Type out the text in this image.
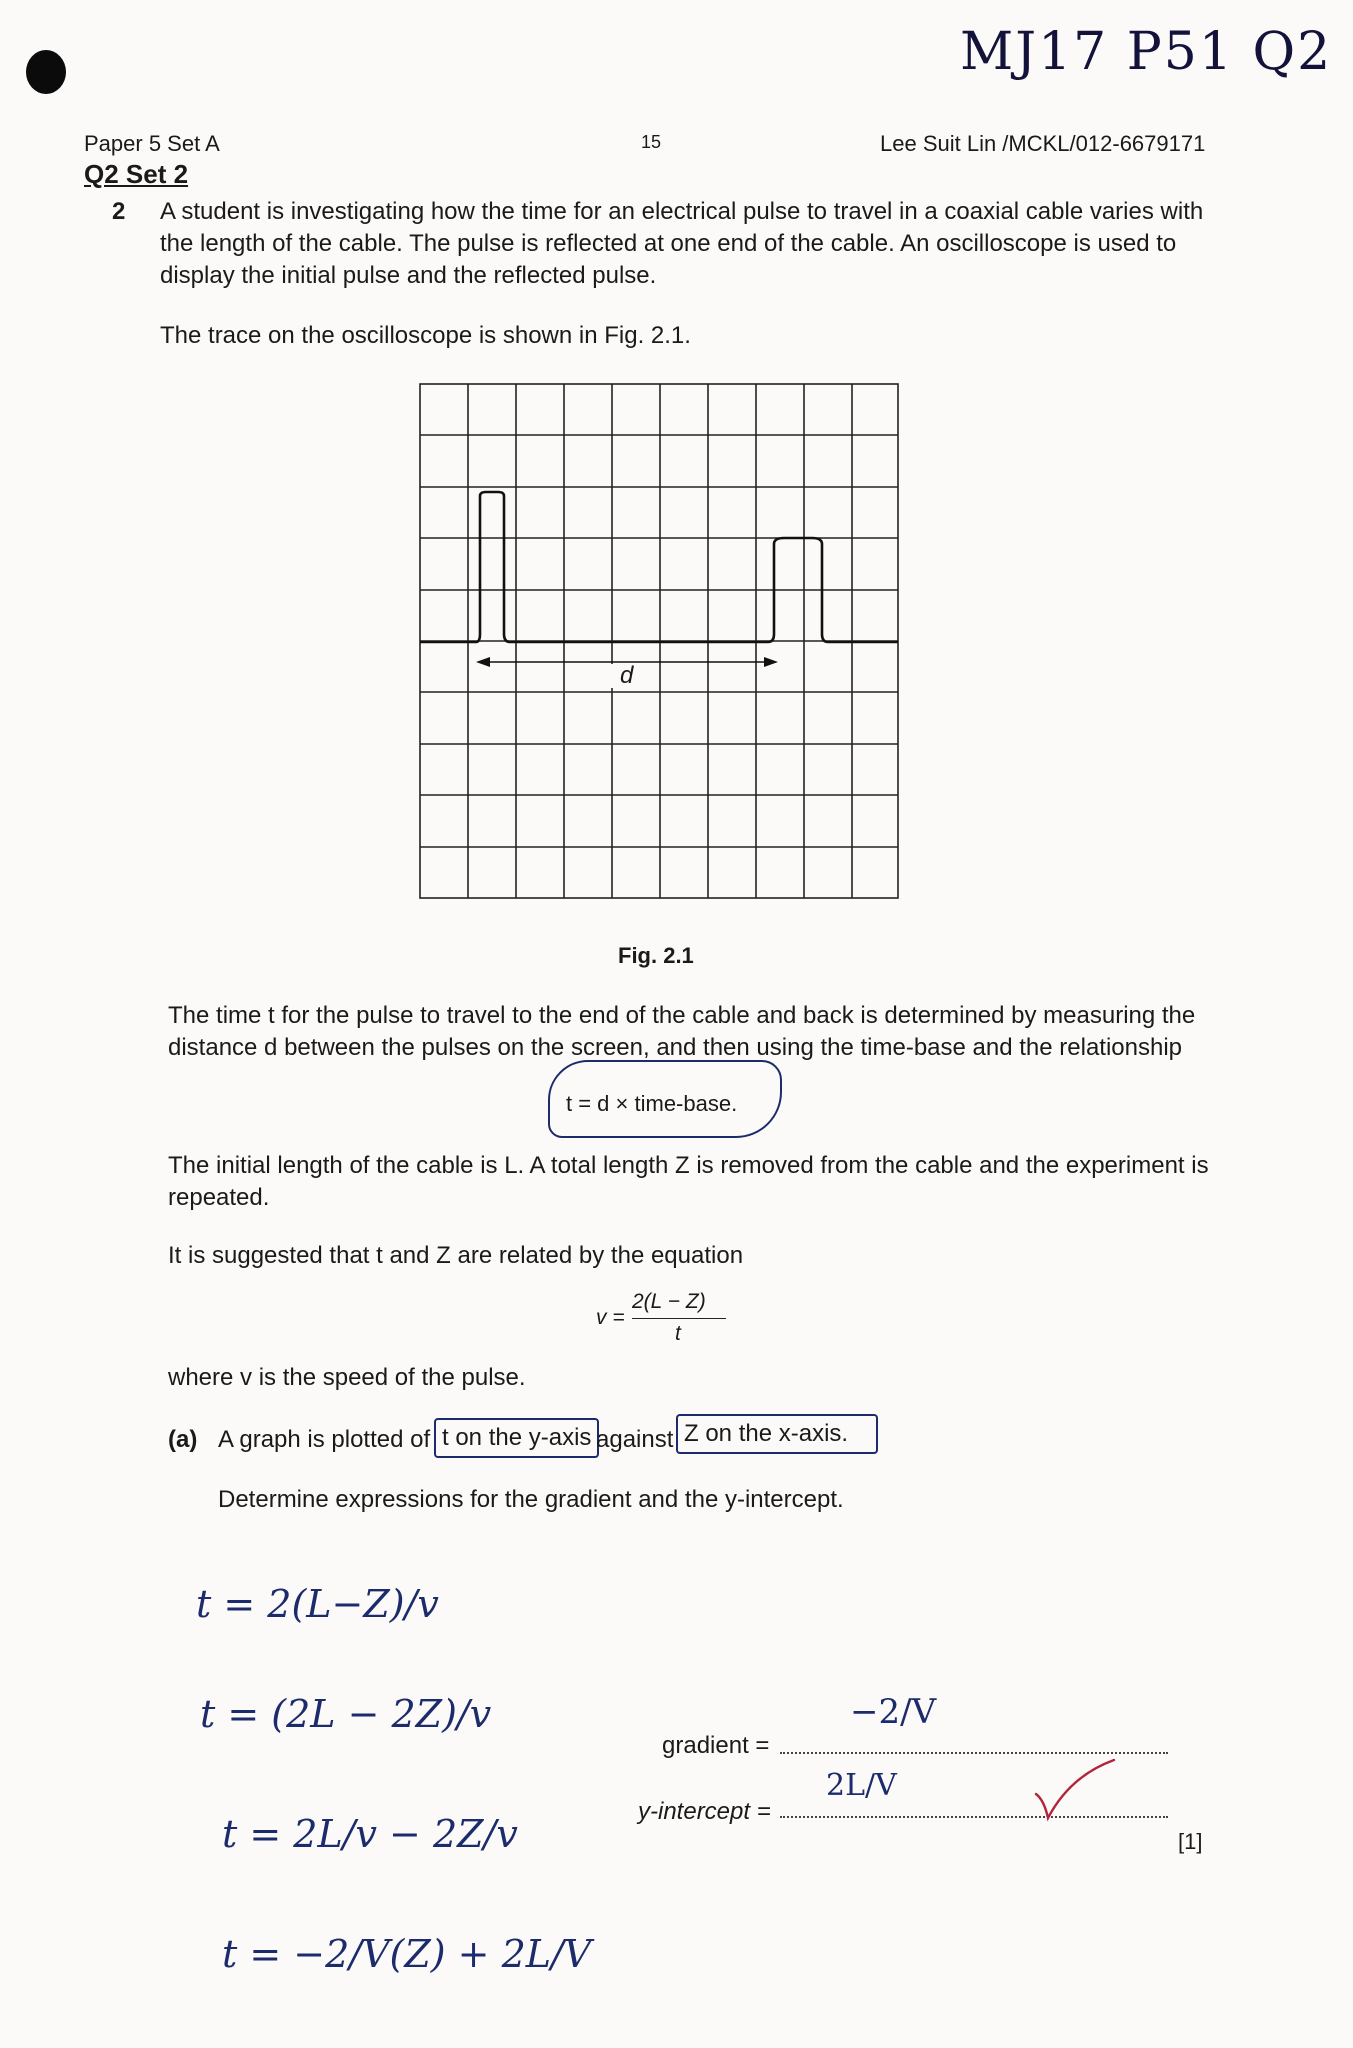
MJ17 P51 Q2
Paper 5 Set A	15	Lee Suit Lin /MCKL/012-6679171
Q2 Set 2
2 A student is investigating how the time for an electrical pulse to travel in a coaxial cable varies with
the length of the cable. The pulse is reflected at one end of the cable. An oscilloscope is used to
display the initial pulse and the reflected pulse.
The trace on the oscilloscope is shown in Fig. 2.1.
d
Fig. 2.1
The time t for the pulse to travel to the end of the cable and back is determined by measuring the
distance d between the pulses on the screen, and then using the time-base and the relationship
t = d × time-base.
The initial length of the cable is L. A total length Z is removed from the cable and the experiment is
repeated.
It is suggested that t and Z are related by the equation
v =
2(L − Z)
t
where v is the speed of the pulse.
(a) A graph is plotted of t on the y-axis against Z on the x-axis.
Determine expressions for the gradient and the y-intercept.
t = 2(L−Z)/v
t = (2L − 2Z)/v
t = 2L/v − 2Z/v
t = −2/V(Z) + 2L/V
gradient =
−2/V
y-intercept =
2L/V
[1]
